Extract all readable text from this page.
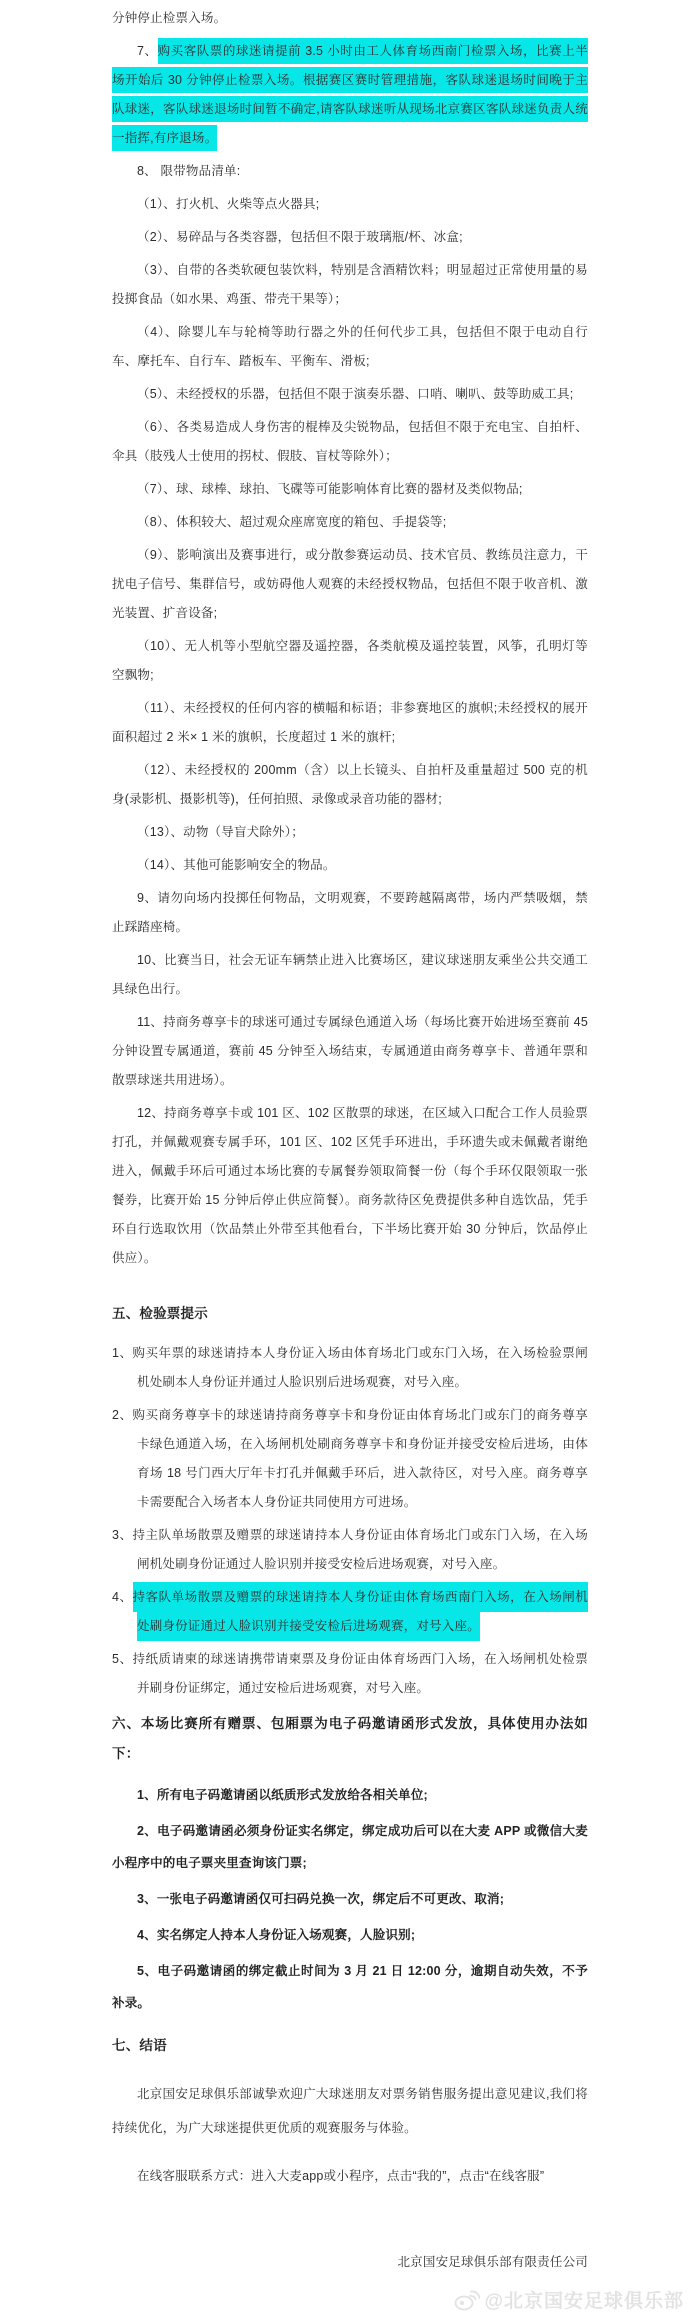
分钟停止检票入场。

7、购买客队票的球迷请提前 3.5 小时由工人体育场西南门检票入场，比赛上半场开始后 30 分钟停止检票入场。根据赛区赛时管理措施，客队球迷退场时间晚于主队球迷，客队球迷退场时间暂不确定,请客队球迷听从现场北京赛区客队球迷负责人统一指挥,有序退场。

8、 限带物品清单:

（1）、打火机、火柴等点火器具;

（2）、易碎品与各类容器，包括但不限于玻璃瓶/杯、冰盒;

（3）、自带的各类软硬包装饮料，特别是含酒精饮料；明显超过正常使用量的易投掷食品（如水果、鸡蛋、带壳干果等）；

（4）、除婴儿车与轮椅等助行器之外的任何代步工具，包括但不限于电动自行车、摩托车、自行车、踏板车、平衡车、滑板;

（5）、未经授权的乐器，包括但不限于演奏乐器、口哨、喇叭、鼓等助威工具;

（6）、各类易造成人身伤害的棍棒及尖锐物品，包括但不限于充电宝、自拍杆、伞具（肢残人士使用的拐杖、假肢、盲杖等除外）；

（7）、球、球棒、球拍、飞碟等可能影响体育比赛的器材及类似物品;

（8）、体积较大、超过观众座席宽度的箱包、手提袋等;

（9）、影响演出及赛事进行，或分散参赛运动员、技术官员、教练员注意力，干扰电子信号、集群信号，或妨碍他人观赛的未经授权物品，包括但不限于收音机、激光装置、扩音设备;

（10）、无人机等小型航空器及遥控器，各类航模及遥控装置，风筝，孔明灯等空飘物;

（11）、未经授权的任何内容的横幅和标语；非参赛地区的旗帜;未经授权的展开面积超过 2 米× 1 米的旗帜，长度超过 1 米的旗杆;

（12）、未经授权的 200mm（含）以上长镜头、自拍杆及重量超过 500 克的机身(录影机、摄影机等)，任何拍照、录像或录音功能的器材;

（13）、动物（导盲犬除外）；

（14）、其他可能影响安全的物品。

9、请勿向场内投掷任何物品，文明观赛，不要跨越隔离带，场内严禁吸烟，禁止踩踏座椅。

10、比赛当日，社会无证车辆禁止进入比赛场区，建议球迷朋友乘坐公共交通工具绿色出行。

11、持商务尊享卡的球迷可通过专属绿色通道入场（每场比赛开始进场至赛前 45 分钟设置专属通道，赛前 45 分钟至入场结束，专属通道由商务尊享卡、普通年票和散票球迷共用进场）。

12、持商务尊享卡或 101 区、102 区散票的球迷，在区域入口配合工作人员验票打孔，并佩戴观赛专属手环，101 区、102 区凭手环进出，手环遗失或未佩戴者谢绝进入，佩戴手环后可通过本场比赛的专属餐券领取简餐一份（每个手环仅限领取一张餐券，比赛开始 15 分钟后停止供应简餐）。商务款待区免费提供多种自选饮品，凭手环自行选取饮用（饮品禁止外带至其他看台，下半场比赛开始 30 分钟后，饮品停止供应）。

五、检验票提示

1、购买年票的球迷请持本人身份证入场由体育场北门或东门入场，在入场检验票闸机处刷本人身份证并通过人脸识别后进场观赛，对号入座。

2、购买商务尊享卡的球迷请持商务尊享卡和身份证由体育场北门或东门的商务尊享卡绿色通道入场，在入场闸机处刷商务尊享卡和身份证并接受安检后进场，由体育场 18 号门西大厅年卡打孔并佩戴手环后，进入款待区，对号入座。商务尊享卡需要配合入场者本人身份证共同使用方可进场。

3、持主队单场散票及赠票的球迷请持本人身份证由体育场北门或东门入场，在入场闸机处刷身份证通过人脸识别并接受安检后进场观赛，对号入座。

4、持客队单场散票及赠票的球迷请持本人身份证由体育场西南门入场，在入场闸机处刷身份证通过人脸识别并接受安检后进场观赛，对号入座。

5、持纸质请柬的球迷请携带请柬票及身份证由体育场西门入场，在入场闸机处检票并刷身份证绑定，通过安检后进场观赛，对号入座。

六、本场比赛所有赠票、包厢票为电子码邀请函形式发放，具体使用办法如下：

1、所有电子码邀请函以纸质形式发放给各相关单位;

2、电子码邀请函必须身份证实名绑定，绑定成功后可以在大麦 APP 或微信大麦小程序中的电子票夹里查询该门票;

3、一张电子码邀请函仅可扫码兑换一次，绑定后不可更改、取消;

4、实名绑定人持本人身份证入场观赛，人脸识别;

5、电子码邀请函的绑定截止时间为 3 月 21 日 12:00 分，逾期自动失效，不予补录。

七、结语

北京国安足球俱乐部诚挚欢迎广大球迷朋友对票务销售服务提出意见建议,我们将持续优化，为广大球迷提供更优质的观赛服务与体验。

在线客服联系方式：进入大麦app或小程序，点击“我的”，点击“在线客服”

北京国安足球俱乐部有限责任公司

@北京国安足球俱乐部
